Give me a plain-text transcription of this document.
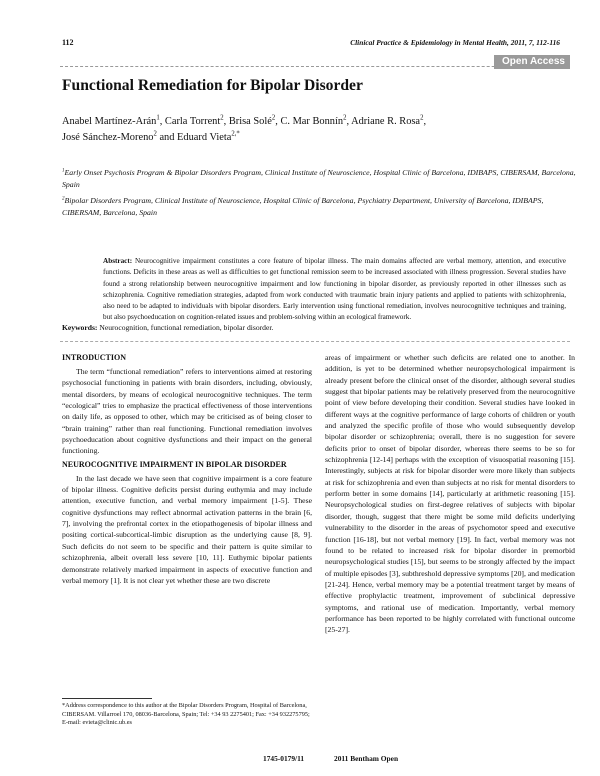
112	Clinical Practice & Epidemiology in Mental Health, 2011, 7, 112-116
Open Access
Functional Remediation for Bipolar Disorder
Anabel Martínez-Arán$^1$, Carla Torrent$^2$, Brisa Solé$^2$, C. Mar Bonnín$^2$, Adriane R. Rosa$^2$,
José Sánchez-Moreno$^2$ and Eduard Vieta$^{2,*}$
$^1$Early Onset Psychosis Program & Bipolar Disorders Program, Clinical Institute of Neuroscience, Hospital Clinic of Barcelona, IDIBAPS, CIBERSAM, Barcelona, Spain
$^2$Bipolar Disorders Program, Clinical Institute of Neuroscience, Hospital Clinic of Barcelona, Psychiatry Department, University of Barcelona, IDIBAPS, CIBERSAM, Barcelona, Spain
Abstract: Neurocognitive impairment constitutes a core feature of bipolar illness. The main domains affected are verbal memory, attention, and executive functions. Deficits in these areas as well as difficulties to get functional remission seem to be increased associated with illness progression. Several studies have found a strong relationship between neurocognitive impairment and low functioning in bipolar disorder, as previously reported in other illnesses such as schizophrenia. Cognitive remediation strategies, adapted from work conducted with traumatic brain injury patients and applied to patients with schizophrenia, also need to be adapted to individuals with bipolar disorders. Early intervention using functional remediation, involves neurocognitive techniques and training, but also psychoeducation on cognition-related issues and problem-solving within an ecological framework.
Keywords: Neurocognition, functional remediation, bipolar disorder.
INTRODUCTION

The term “functional remediation” refers to interventions aimed at restoring psychosocial functioning in patients with brain disorders, including, obviously, mental disorders, by means of ecological neurocognitive techniques. The term “ecological” tries to emphasize the practical effectiveness of those interventions on daily life, as opposed to other, which may be criticised as of being closer to “brain training” rather than real functioning. Functional remediation involves psychoeducation about cognitive dysfunctions and their impact on the general functioning.

NEUROCOGNITIVE IMPAIRMENT IN BIPOLAR DISORDER

In the last decade we have seen that cognitive impairment is a core feature of bipolar illness. Cognitive deficits persist during euthymia and may include attention, executive function, and verbal memory impairment [1-5]. These cognitive dysfunctions may reflect abnormal activation patterns in the brain [6, 7], involving the prefrontal cortex in the etiopathogenesis of bipolar illness and positing cortical-subcortical-limbic disruption as the underlying cause [8, 9]. Such deficits do not seem to be specific and their pattern is quite similar to schizophrenia, albeit overall less severe [10, 11]. Euthymic bipolar patients demonstrate relatively marked impairment in aspects of executive function and verbal memory [1]. It is not clear yet whether these are two discrete

areas of impairment or whether such deficits are related one to another. In addition, is yet to be determined whether neuropsychological impairment is already present before the clinical onset of the disorder, although several studies suggest that bipolar patients may be relatively preserved from the neurocognitive point of view before developing their condition. Several studies have looked in different ways at the cognitive performance of large cohorts of children or youth and analyzed the specific profile of those who would subsequently develop bipolar disorder or schizophrenia; overall, there is no suggestion for severe deficits prior to onset of bipolar disorder, whereas there seems to be so for schizophrenia [12-14] perhaps with the exception of visuospatial reasoning [15]. Interestingly, subjects at risk for bipolar disorder were more likely than subjects at risk for schizophrenia and even than subjects at no risk for mental disorders to perform better in some domains [14], particularly at arithmetic reasoning [15]. Neuropsychological studies on first-degree relatives of subjects with bipolar disorder, though, suggest that there might be some mild deficits underlying vulnerability to the disorder in the areas of psychomotor speed and executive function [16-18], but not verbal memory [19]. In fact, verbal memory was not found to be related to increased risk for bipolar disorder in premorbid neuropsychological studies [15], but seems to be strongly affected by the impact of multiple episodes [3], subthreshold depressive symptoms [20], and medication [21-24]. Hence, verbal memory may be a potential treatment target by means of effective prophylactic treatment, improvement of subclinical depressive symptoms, and rational use of medication. Importantly, verbal memory performance has been reported to be highly correlated with functional outcome [25-27].

*Address correspondence to this author at the Bipolar Disorders Program, Hospital of Barcelona, CIBERSAM. Villarroel 170, 08036-Barcelona, Spain; Tel: +34 93 2275401; Fax: +34 932275795; E-mail: evieta@clinic.ub.es
1745-0179/11	2011 Bentham Open
